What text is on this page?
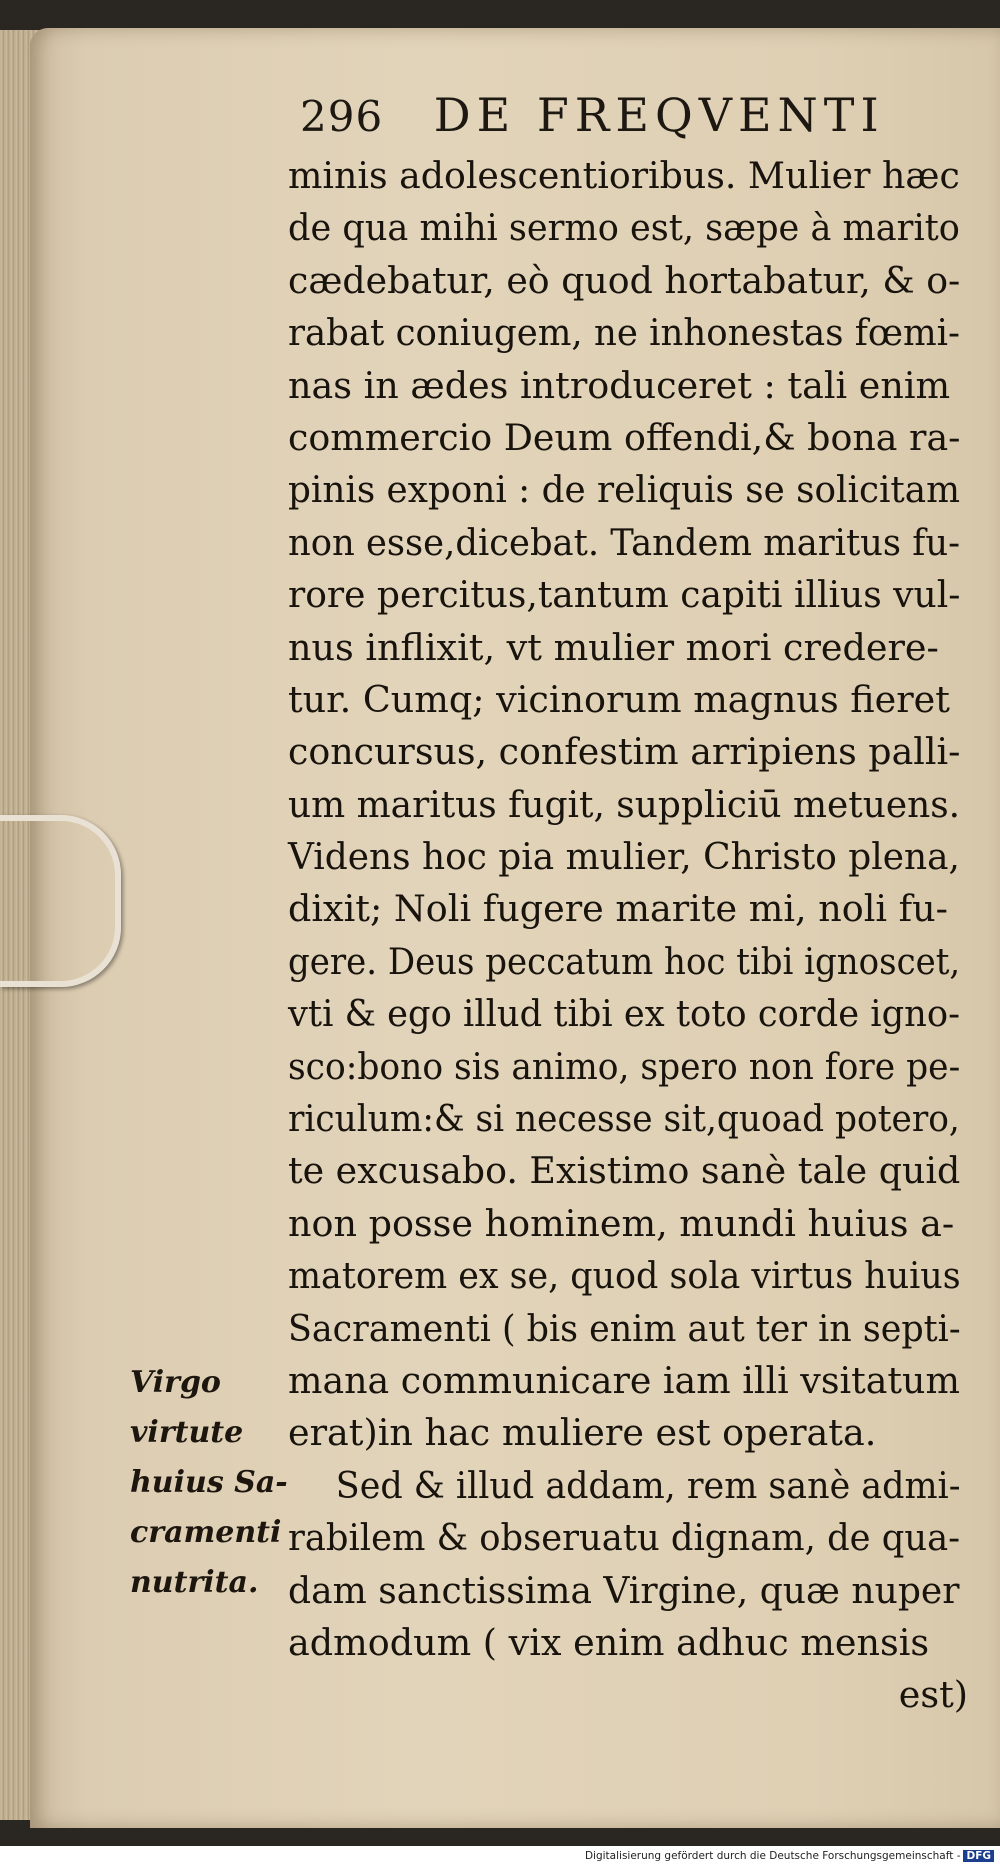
296 DE FREQVENTI
minis adolescentioribus. Mulier hæc
de qua mihi sermo est, sæpe à marito
cædebatur, eò quod hortabatur, & o-
rabat coniugem, ne inhonestas fœmi-
nas in ædes introduceret : tali enim
commercio Deum offendi,& bona ra-
pinis exponi : de reliquis se solicitam
non esse,dicebat. Tandem maritus fu-
rore percitus,tantum capiti illius vul-
nus inflixit, vt mulier mori credere-
tur. Cumq; vicinorum magnus fieret
concursus, confestim arripiens palli-
um maritus fugit, suppliciū metuens.
Videns hoc pia mulier, Christo plena,
dixit; Noli fugere marite mi, noli fu-
gere. Deus peccatum hoc tibi ignoscet,
vti & ego illud tibi ex toto corde igno-
sco:bono sis animo, spero non fore pe-
riculum:& si necesse sit,quoad potero,
te excusabo. Existimo sanè tale quid
non posse hominem, mundi huius a-
matorem ex se, quod sola virtus huius
Sacramenti ( bis enim aut ter in septi-
mana communicare iam illi vsitatum
erat)in hac muliere est operata.
Sed & illud addam, rem sanè admi-
rabilem & obseruatu dignam, de qua-
dam sanctissima Virgine, quæ nuper
admodum ( vix enim adhuc mensis
est)
Virgo
virtute
huius Sa-
cramenti
nutrita.
Digitalisierung gefördert durch die Deutsche Forschungsgemeinschaft - DFG
